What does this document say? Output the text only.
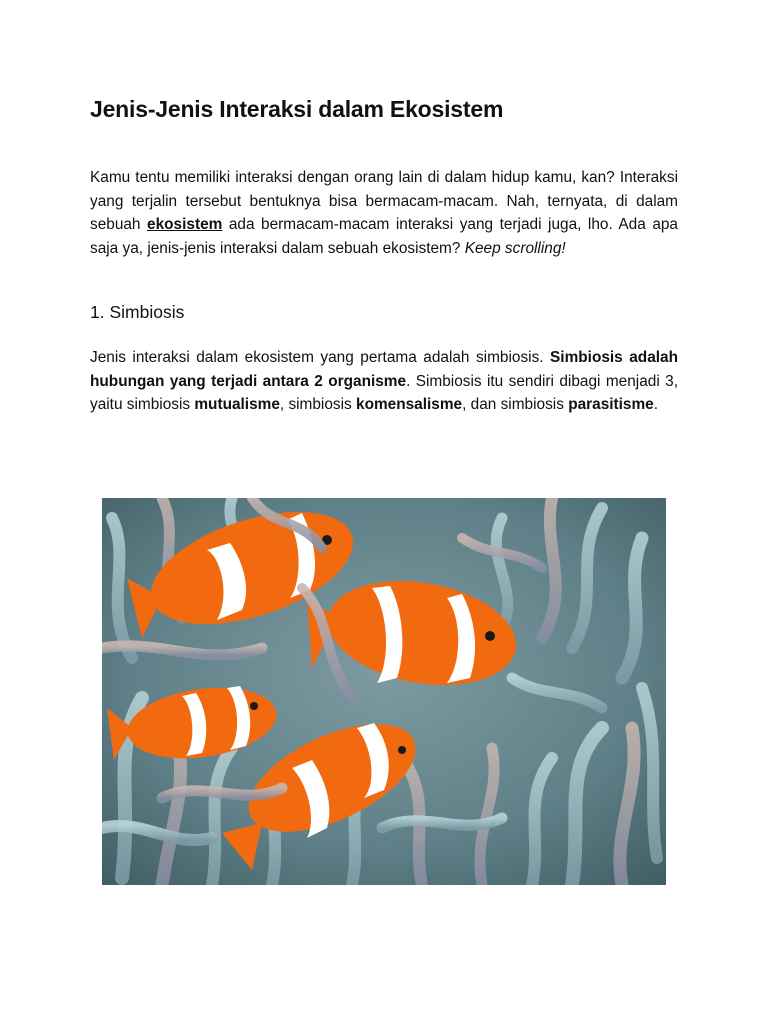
Jenis-Jenis Interaksi dalam Ekosistem

Kamu tentu memiliki interaksi dengan orang lain di dalam hidup kamu, kan? Interaksi yang terjalin tersebut bentuknya bisa bermacam-macam. Nah, ternyata, di dalam sebuah ekosistem ada bermacam-macam interaksi yang terjadi juga, lho. Ada apa saja ya, jenis-jenis interaksi dalam sebuah ekosistem? Keep scrolling!

1. Simbiosis

Jenis interaksi dalam ekosistem yang pertama adalah simbiosis. Simbiosis adalah hubungan yang terjadi antara 2 organisme. Simbiosis itu sendiri dibagi menjadi 3, yaitu simbiosis mutualisme, simbiosis komensalisme, dan simbiosis parasitisme.
